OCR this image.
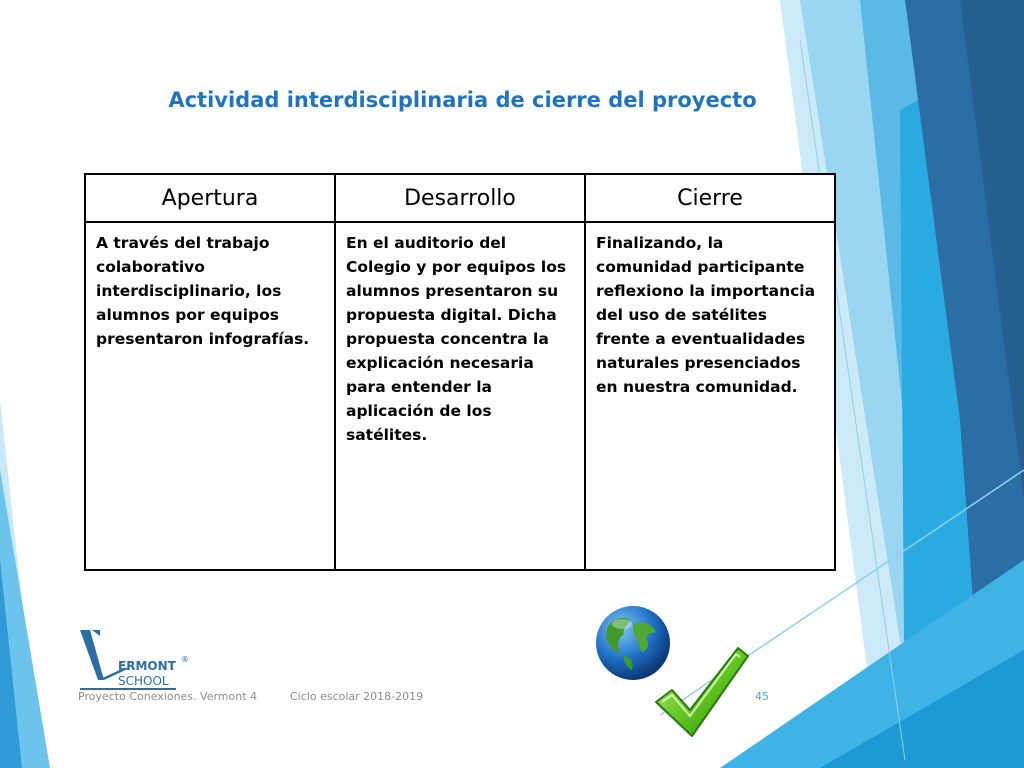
Actividad interdisciplinaria de cierre del proyecto
Apertura	Desarrollo	Cierre
A través del trabajo colaborativo interdisciplinario, los alumnos por equipos presentaron infografías.	En el auditorio del Colegio y por equipos los alumnos presentaron su propuesta digital. Dicha propuesta concentra la explicación necesaria para entender la aplicación de los satélites.	Finalizando, la comunidad participante reflexiono la importancia del uso de satélites frente a eventualidades naturales presenciados en nuestra comunidad.
ERMONT ®
SCHOOL
Proyecto Conexiones. Vermont 4	Ciclo escolar 2018-2019	45
